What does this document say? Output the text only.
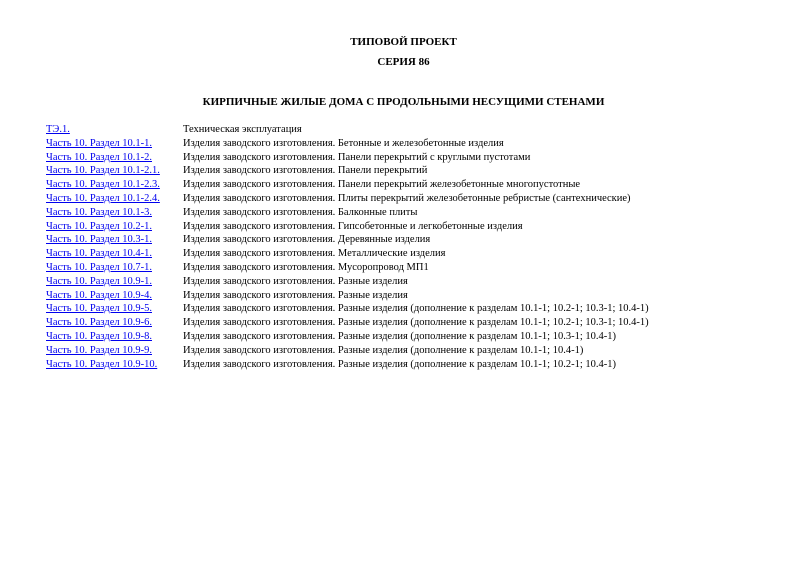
ТИПОВОЙ ПРОЕКТ
СЕРИЯ 86
КИРПИЧНЫЕ ЖИЛЫЕ ДОМА С ПРОДОЛЬНЫМИ НЕСУЩИМИ СТЕНАМИ
ТЭ.1.	Техническая эксплуатация
Часть 10. Раздел 10.1-1.	Изделия заводского изготовления. Бетонные и железобетонные изделия
Часть 10. Раздел 10.1-2.	Изделия заводского изготовления. Панели перекрытий с круглыми пустотами
Часть 10. Раздел 10.1-2.1.	Изделия заводского изготовления. Панели перекрытий
Часть 10. Раздел 10.1-2.3.	Изделия заводского изготовления. Панели перекрытий железобетонные многопустотные
Часть 10. Раздел 10.1-2.4.	Изделия заводского изготовления. Плиты перекрытий железобетонные ребристые (сантехнические)
Часть 10. Раздел 10.1-3.	Изделия заводского изготовления. Балконные плиты
Часть 10. Раздел 10.2-1.	Изделия заводского изготовления. Гипсобетонные и легкобетонные изделия
Часть 10. Раздел 10.3-1.	Изделия заводского изготовления. Деревянные изделия
Часть 10. Раздел 10.4-1.	Изделия заводского изготовления. Металлические изделия
Часть 10. Раздел 10.7-1.	Изделия заводского изготовления. Мусоропровод МП1
Часть 10. Раздел 10.9-1.	Изделия заводского изготовления. Разные изделия
Часть 10. Раздел 10.9-4.	Изделия заводского изготовления. Разные изделия
Часть 10. Раздел 10.9-5.	Изделия заводского изготовления. Разные изделия (дополнение к разделам 10.1-1; 10.2-1; 10.3-1; 10.4-1)
Часть 10. Раздел 10.9-6.	Изделия заводского изготовления. Разные изделия (дополнение к разделам 10.1-1; 10.2-1; 10.3-1; 10.4-1)
Часть 10. Раздел 10.9-8.	Изделия заводского изготовления. Разные изделия (дополнение к разделам 10.1-1; 10.3-1; 10.4-1)
Часть 10. Раздел 10.9-9.	Изделия заводского изготовления. Разные изделия (дополнение к разделам 10.1-1; 10.4-1)
Часть 10. Раздел 10.9-10.	Изделия заводского изготовления. Разные изделия (дополнение к разделам 10.1-1; 10.2-1; 10.4-1)
